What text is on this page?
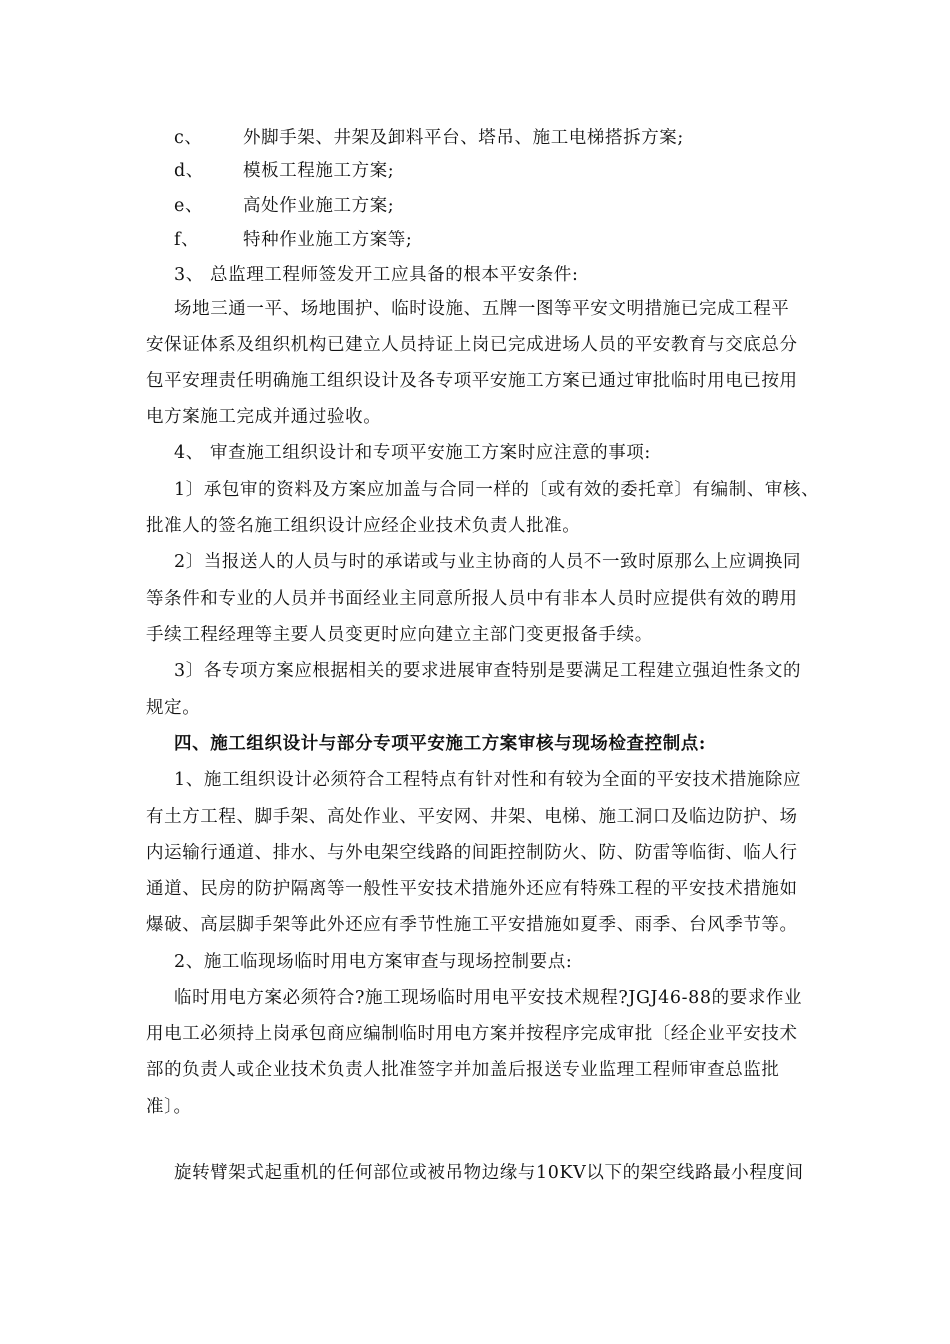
c、 外脚手架、井架及卸料平台、塔吊、施工电梯搭拆方案;
d、 模板工程施工方案;
e、 高处作业施工方案;
f、	特种作业施工方案等;
3、 总监理工程师签发开工应具备的根本平安条件:
场地三通一平、场地围护、临时设施、五牌一图等平安文明措施已完成工程平
安保证体系及组织机构已建立人员持证上岗已完成进场人员的平安教育与交底总分
包平安理责任明确施工组织设计及各专项平安施工方案已通过审批临时用电已按用
电方案施工完成并通过验收。
4、 审查施工组织设计和专项平安施工方案时应注意的事项:
1〕承包审的资料及方案应加盖与合同一样的〔或有效的委托章〕有编制、审核、
批准人的签名施工组织设计应经企业技术负责人批准。
2〕当报送人的人员与时的承诺或与业主协商的人员不一致时原那么上应调换同
等条件和专业的人员并书面经业主同意所报人员中有非本人员时应提供有效的聘用
手续工程经理等主要人员变更时应向建立主部门变更报备手续。
3〕各专项方案应根据相关的要求进展审查特别是要满足工程建立强迫性条文的
规定。
四、施工组织设计与部分专项平安施工方案审核与现场检查控制点:
1、施工组织设计必须符合工程特点有针对性和有较为全面的平安技术措施除应
有土方工程、脚手架、高处作业、平安网、井架、电梯、施工洞口及临边防护、场
内运输行通道、排水、与外电架空线路的间距控制防火、防、防雷等临街、临人行
通道、民房的防护隔离等一般性平安技术措施外还应有特殊工程的平安技术措施如
爆破、高层脚手架等此外还应有季节性施工平安措施如夏季、雨季、台风季节等。
2、施工临现场临时用电方案审查与现场控制要点:
临时用电方案必须符合?施工现场临时用电平安技术规程?JGJ46-88的要求作业
用电工必须持上岗承包商应编制临时用电方案并按程序完成审批〔经企业平安技术
部的负责人或企业技术负责人批准签字并加盖后报送专业监理工程师审查总监批
准〕。
旋转臂架式起重机的任何部位或被吊物边缘与10KV以下的架空线路最小程度间
